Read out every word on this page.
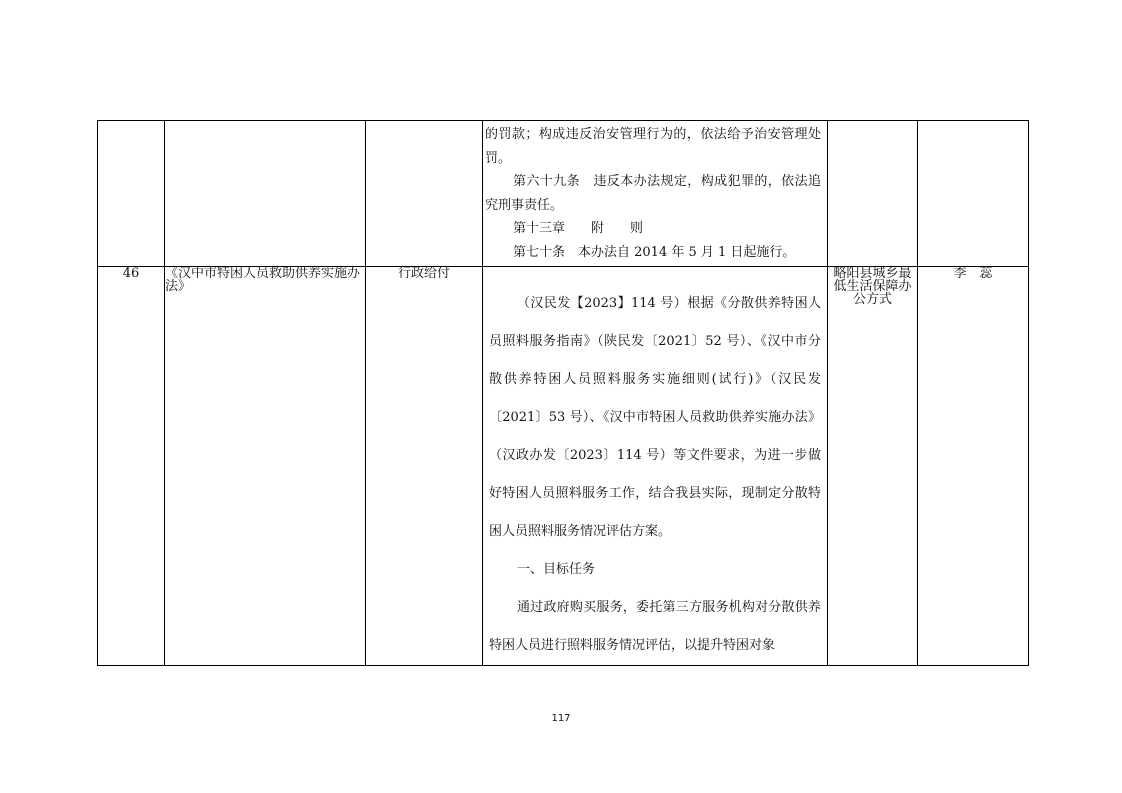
			的罚款；构成违反治安管理行为的，依法给予治安管理处罚。

第六十九条　违反本办法规定，构成犯罪的，依法追究刑事责任。

第十三章　　附　　则

第七十条　本办法自 2014 年 5 月 1 日起施行。		

46	《汉中市特困人员救助供养实施办法》	行政给付	（汉民发【2023】114 号）根据《分散供养特困人员照料服务指南》（陕民发〔2021〕52 号）、《汉中市分散供养特困人员照料服务实施细则(试行)》（汉民发〔2021〕53 号）、《汉中市特困人员救助供养实施办法》（汉政办发〔2023〕114 号）等文件要求，为进一步做好特困人员照料服务工作，结合我县实际，现制定分散特困人员照料服务情况评估方案。

一、目标任务

通过政府购买服务，委托第三方服务机构对分散供养特困人员进行照料服务情况评估，以提升特困对象	略阳县城乡最低生活保障办公方式	李　蕊
117
